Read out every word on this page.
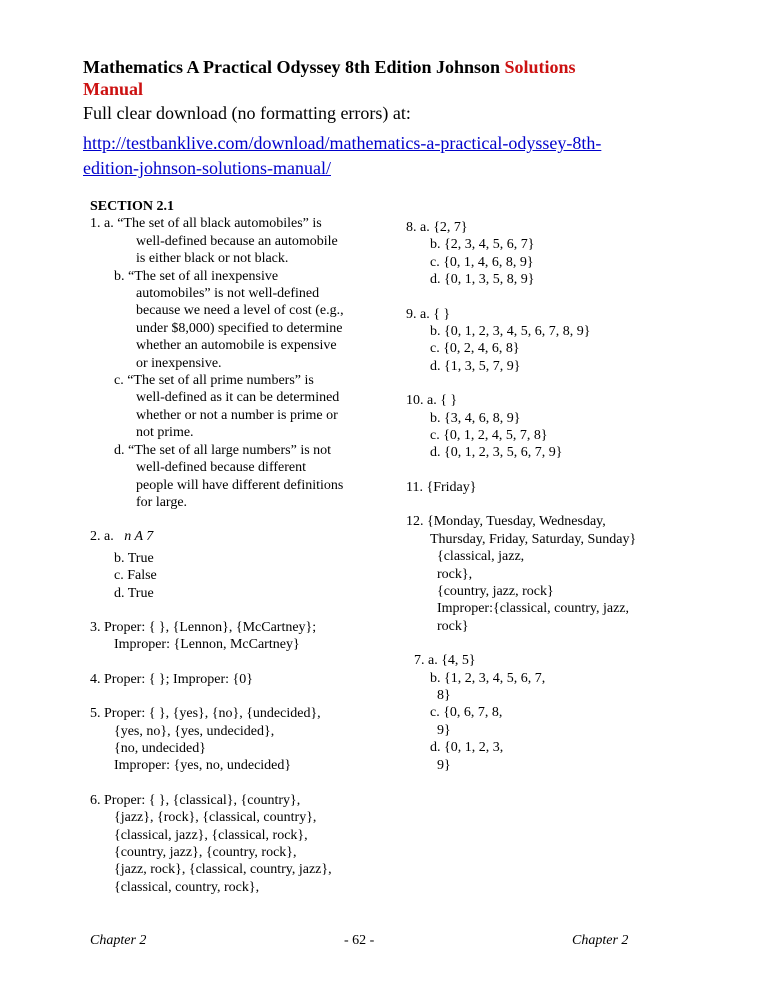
Mathematics A Practical Odyssey 8th Edition Johnson Solutions
Manual
Full clear download (no formatting errors) at:
http://testbanklive.com/download/mathematics-a-practical-odyssey-8th-
edition-johnson-solutions-manual/

SECTION 2.1

1. a. “The set of all black automobiles” is

well-defined because an automobile

is either black or not black.

b. “The set of all inexpensive

automobiles” is not well-defined

because we need a level of cost (e.g.,

under $8,000) specified to determine

whether an automobile is expensive

or inexpensive.

c. “The set of all prime numbers” is

well-defined as it can be determined

whether or not a number is prime or

not prime.

d. “The set of all large numbers” is not

well-defined because different

people will have different definitions

for large.

2. a. n A 7

b. True

c. False

d. True

3. Proper: { }, {Lennon}, {McCartney};

Improper: {Lennon, McCartney}

4. Proper: { }; Improper: {0}

5. Proper: { }, {yes}, {no}, {undecided},

{yes, no}, {yes, undecided},

{no, undecided}

Improper: {yes, no, undecided}

6. Proper: { }, {classical}, {country},

{jazz}, {rock}, {classical, country},

{classical, jazz}, {classical, rock},

{country, jazz}, {country, rock},

{jazz, rock}, {classical, country, jazz},

{classical, country, rock},

8. a. {2, 7}

b. {2, 3, 4, 5, 6, 7}

c. {0, 1, 4, 6, 8, 9}

d. {0, 1, 3, 5, 8, 9}

9. a. { }

b. {0, 1, 2, 3, 4, 5, 6, 7, 8, 9}

c. {0, 2, 4, 6, 8}

d. {1, 3, 5, 7, 9}

10. a. { }

b. {3, 4, 6, 8, 9}

c. {0, 1, 2, 4, 5, 7, 8}

d. {0, 1, 2, 3, 5, 6, 7, 9}

11. {Friday}

12. {Monday, Tuesday, Wednesday,

Thursday, Friday, Saturday, Sunday}

{classical, jazz,

rock},

{country, jazz, rock}

Improper:{classical, country, jazz,

rock}

7. a. {4, 5}

b. {1, 2, 3, 4, 5, 6, 7,

8}

c. {0, 6, 7, 8,

9}

d. {0, 1, 2, 3,

9}

Chapter 2	- 62 -	Chapter 2
